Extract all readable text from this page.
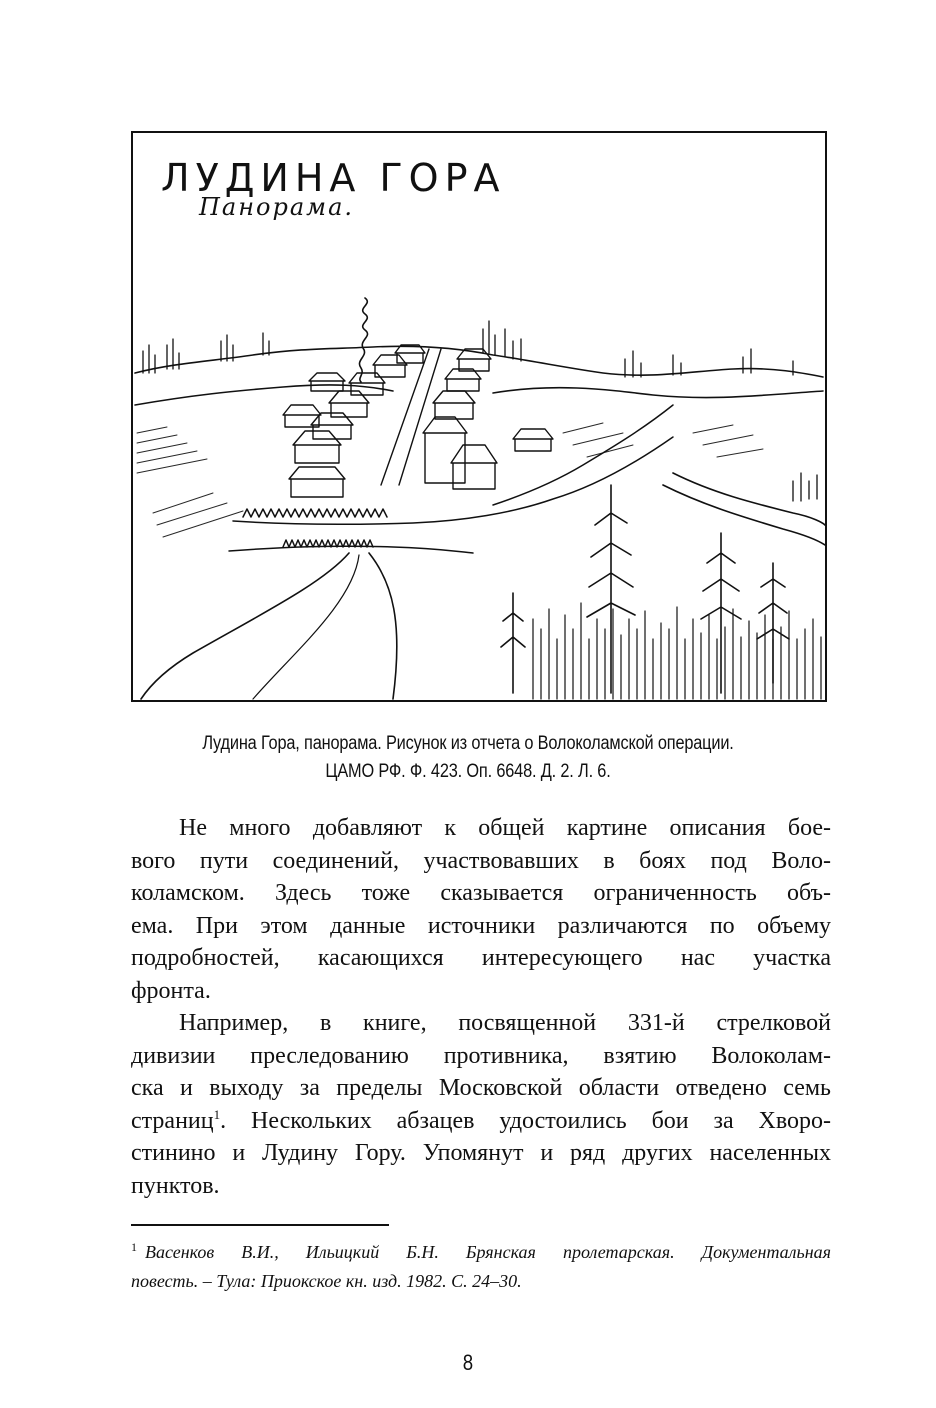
ЛУДИНА ГОРА
Панорама.
Лудина Гора, панорама. Рисунок из отчета о Волоколамской операции.
ЦАМО РФ. Ф. 423. Оп. 6648. Д. 2. Л. 6.
Не много добавляют к общей картине описания бое-
вого пути соединений, участвовавших в боях под Воло-
коламском. Здесь тоже сказывается ограниченность объ-
ема. При этом данные источники различаются по объему
подробностей, касающихся интересующего нас участка
фронта.
Например, в книге, посвященной 331-й стрелковой
дивизии преследованию противника, взятию Волоколам-
ска и выходу за пределы Московской области отведено семь
страниц$^1$. Нескольких абзацев удостоились бои за Хворо-
стинино и Лудину Гору. Упомянут и ряд других населенных
пунктов.
$^1$ Васенков В.И., Ильицкий Б.Н. Брянская пролетарская. Документальная
повесть. – Тула: Приокское кн. изд. 1982. С. 24–30.
8
